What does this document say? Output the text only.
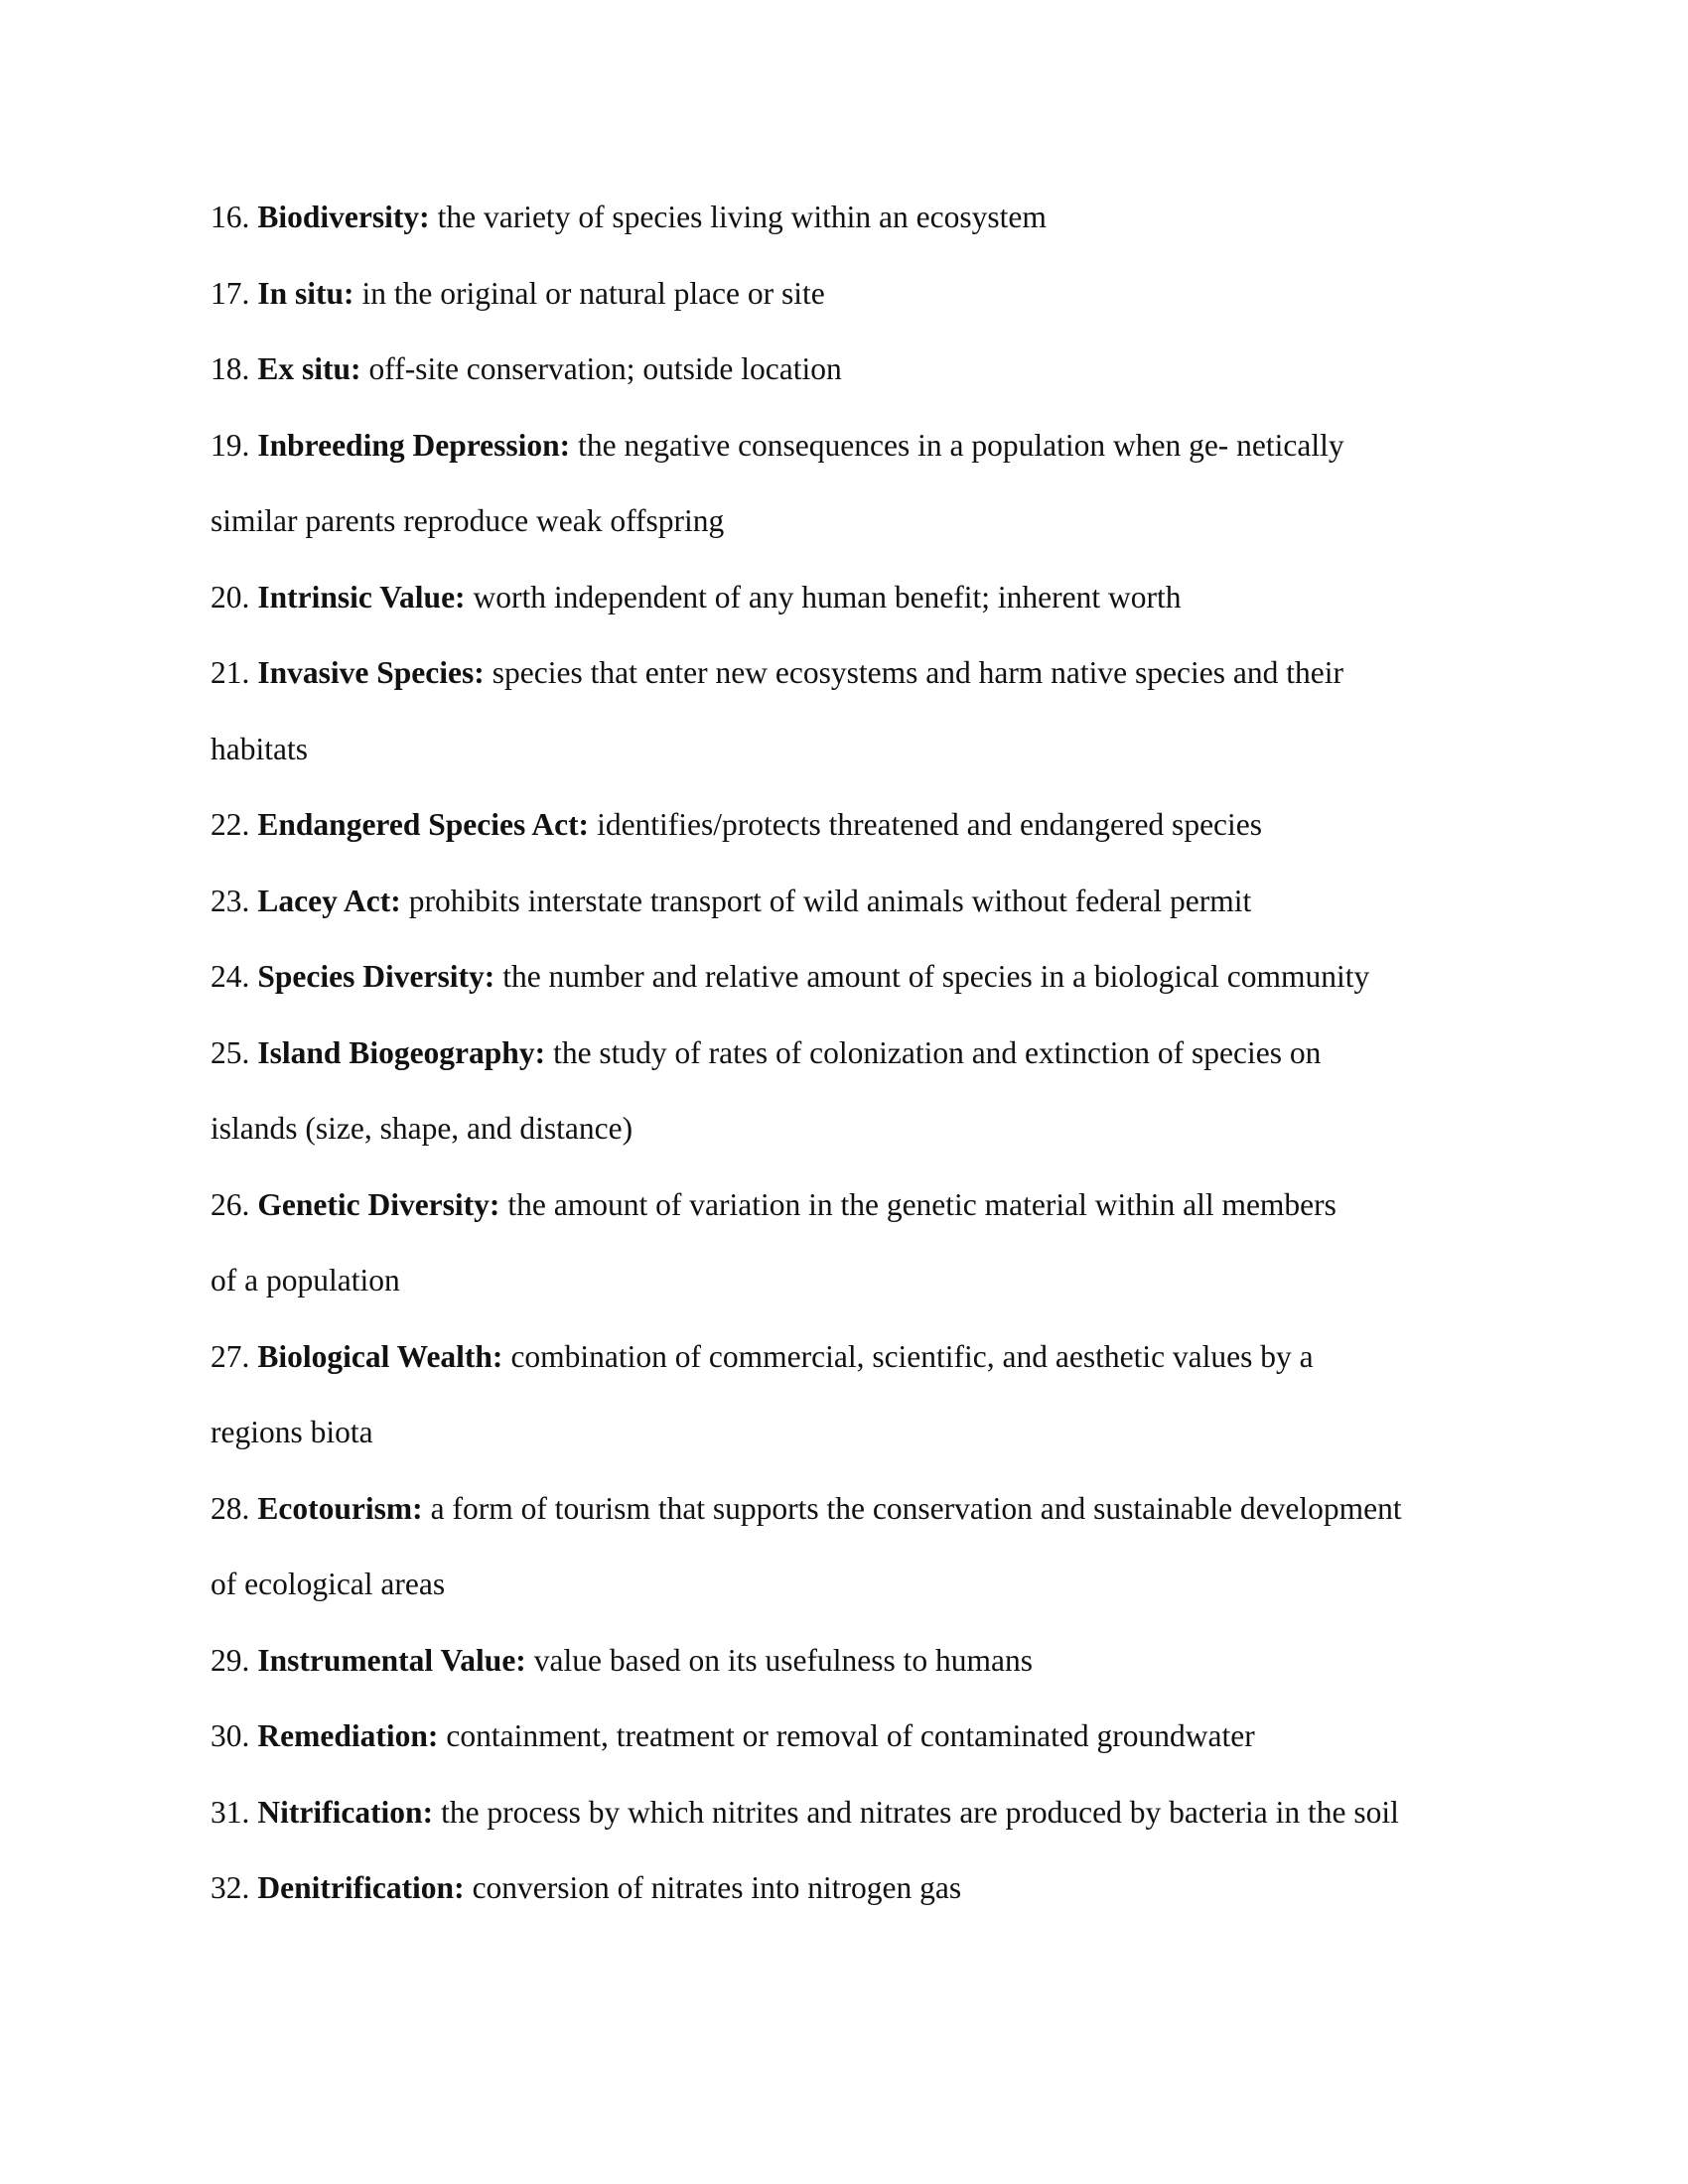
16. Biodiversity: the variety of species living within an ecosystem
17. In situ: in the original or natural place or site
18. Ex situ: off-site conservation; outside location
19. Inbreeding Depression: the negative consequences in a population when ge- netically
similar parents reproduce weak offspring
20. Intrinsic Value: worth independent of any human benefit; inherent worth
21. Invasive Species: species that enter new ecosystems and harm native species and their
habitats
22. Endangered Species Act: identifies/protects threatened and endangered species
23. Lacey Act: prohibits interstate transport of wild animals without federal permit
24. Species Diversity: the number and relative amount of species in a biological community
25. Island Biogeography: the study of rates of colonization and extinction of species on
islands (size, shape, and distance)
26. Genetic Diversity: the amount of variation in the genetic material within all members
of a population
27. Biological Wealth: combination of commercial, scientific, and aesthetic values by a
regions biota
28. Ecotourism: a form of tourism that supports the conservation and sustainable development
of ecological areas
29. Instrumental Value: value based on its usefulness to humans
30. Remediation: containment, treatment or removal of contaminated groundwater
31. Nitrification: the process by which nitrites and nitrates are produced by bacteria in the soil
32. Denitrification: conversion of nitrates into nitrogen gas
